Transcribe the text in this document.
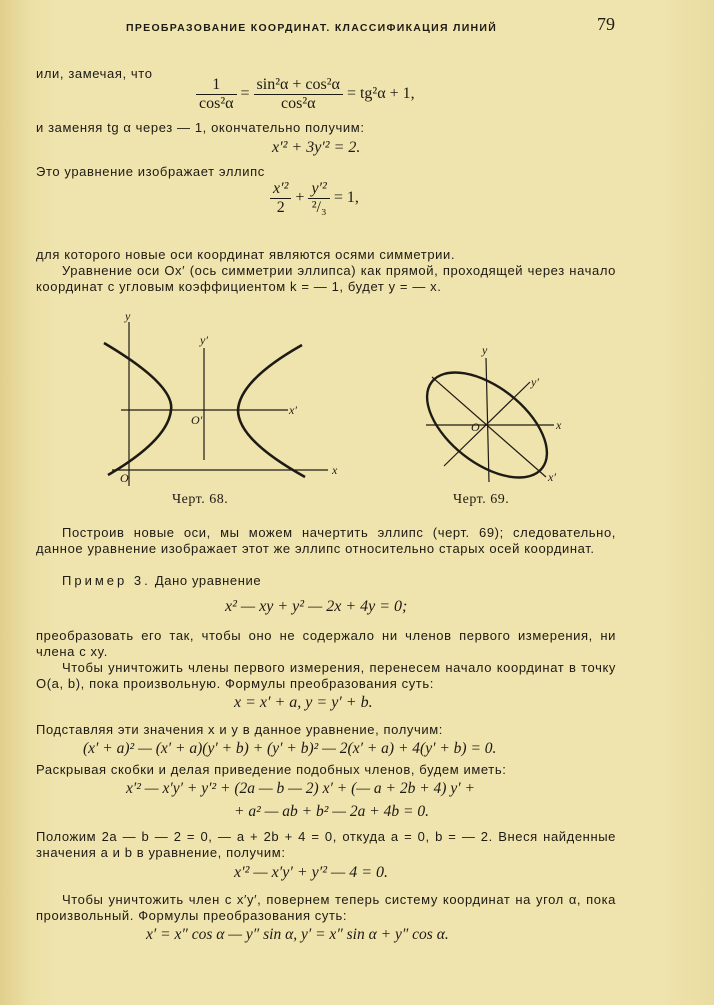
ПРЕОБРАЗОВАНИЕ КООРДИНАТ. КЛАССИФИКАЦИЯ ЛИНИЙ	79
или, замечая, что
$\frac{1}{\text{cos²α}} = \frac{\text{sin²α + cos²α}}{\text{cos²α}} = tg^2\alpha + 1$,
и заменяя tg α через — 1, окончательно получим:
x′² + 3y′² = 2.
Это уравнение изображает эллипс
$\frac{\text{x′²}}{2} + \frac{\text{y′²}}{\text{²/₃}} = 1$,
для которого новые оси координат являются осями симметрии.
Уравнение оси Ox′ (ось симметрии эллипса) как прямой, проходящей через начало координат с угловым коэффициентом k = — 1, будет y = — x.
y
y′
x′
x
O′
O
Черт. 68.
y
y′
x
x′
O
Черт. 69.
Построив новые оси, мы можем начертить эллипс (черт. 69); следовательно, данное уравнение изображает этот же эллипс относительно старых осей координат.
Пример 3. Дано уравнение
x² — xy + y² — 2x + 4y = 0;
преобразовать его так, чтобы оно не содержало ни членов первого измерения, ни члена с xy.
Чтобы уничтожить члены первого измерения, перенесем начало координат в точку O(a, b), пока произвольную. Формулы преобразования суть:
x = x′ + a, y = y′ + b.
Подставляя эти значения x и y в данное уравнение, получим:
(x′ + a)² — (x′ + a)(y′ + b) + (y′ + b)² — 2(x′ + a) + 4(y′ + b) = 0.
Раскрывая скобки и делая приведение подобных членов, будем иметь:
x′² — x′y′ + y′² + (2a — b — 2) x′ + (— a + 2b + 4) y′ +
+ a² — ab + b² — 2a + 4b = 0.
Положим 2a — b — 2 = 0, — a + 2b + 4 = 0, откуда a = 0, b = — 2. Внеся найденные значения a и b в уравнение, получим:
x′² — x′y′ + y′² — 4 = 0.
Чтобы уничтожить член с x′y′, повернем теперь систему координат на угол α, пока произвольный. Формулы преобразования суть:
x′ = x″ cos α — y″ sin α, y′ = x″ sin α + y″ cos α.
